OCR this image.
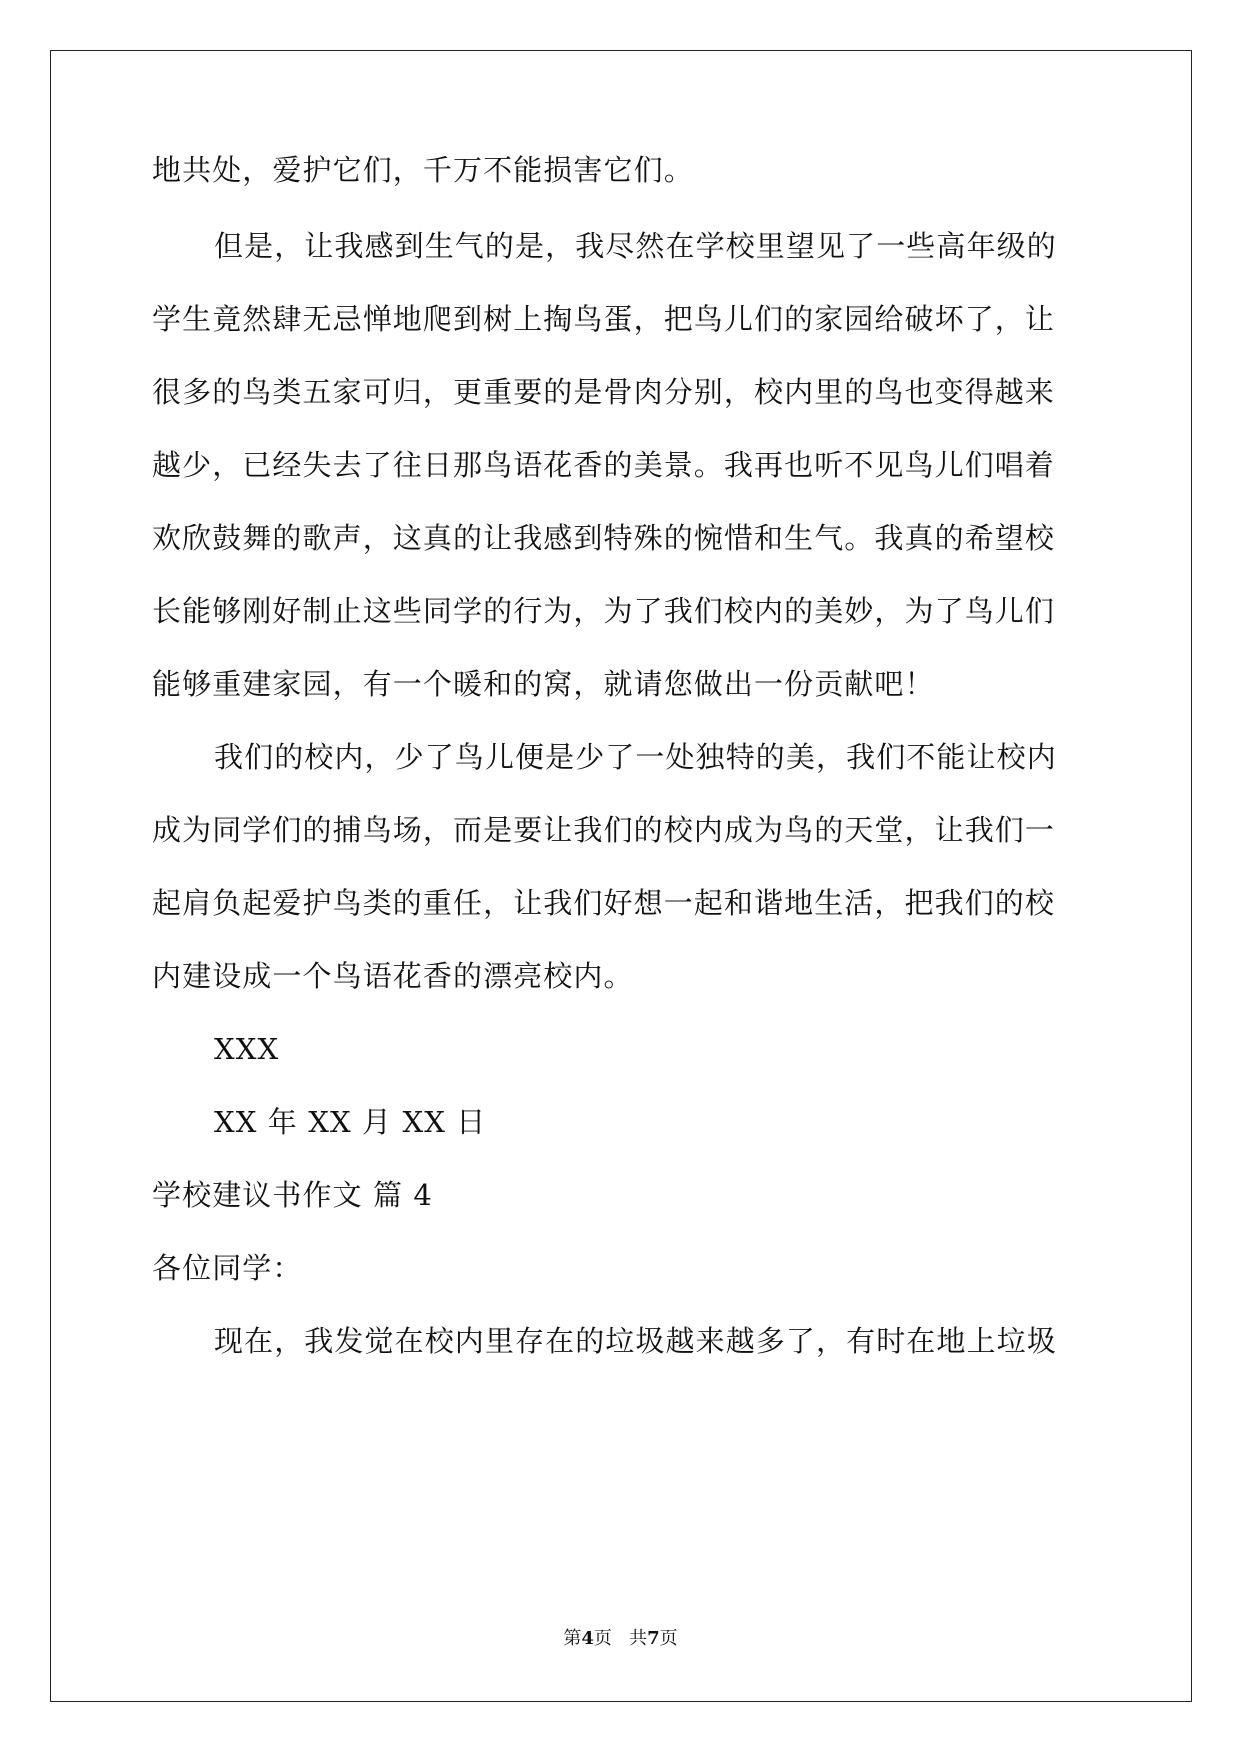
地共处，爱护它们，千万不能损害它们。
但是，让我感到生气的是，我尽然在学校里望见了一些高年级的
学生竟然肆无忌惮地爬到树上掏鸟蛋，把鸟儿们的家园给破坏了，让
很多的鸟类五家可归，更重要的是骨肉分别，校内里的鸟也变得越来
越少，已经失去了往日那鸟语花香的美景。我再也听不见鸟儿们唱着
欢欣鼓舞的歌声，这真的让我感到特殊的惋惜和生气。我真的希望校
长能够刚好制止这些同学的行为，为了我们校内的美妙，为了鸟儿们
能够重建家园，有一个暖和的窝，就请您做出一份贡献吧！
我们的校内，少了鸟儿便是少了一处独特的美，我们不能让校内
成为同学们的捕鸟场，而是要让我们的校内成为鸟的天堂，让我们一
起肩负起爱护鸟类的重任，让我们好想一起和谐地生活，把我们的校
内建设成一个鸟语花香的漂亮校内。
XXX
XX 年 XX 月 XX 日
学校建议书作文 篇 4
各位同学：
现在，我发觉在校内里存在的垃圾越来越多了，有时在地上垃圾
第4页 共7页
